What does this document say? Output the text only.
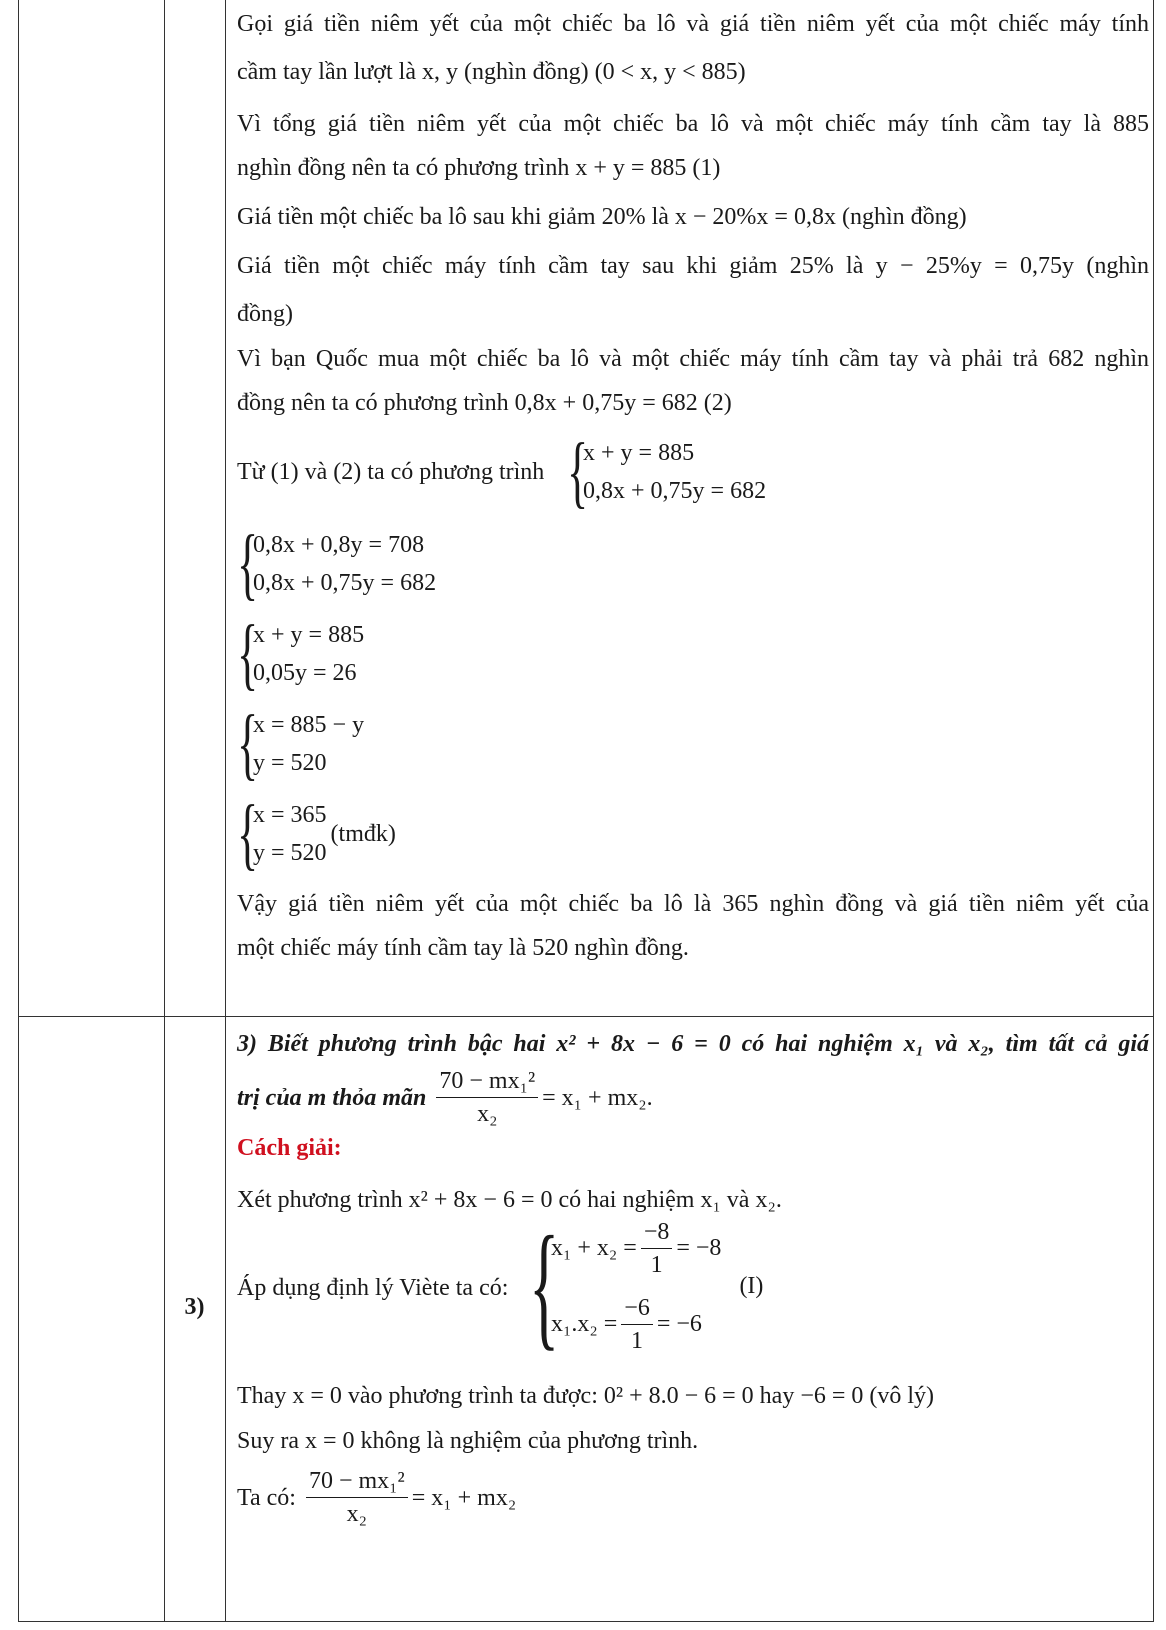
Gọi giá tiền niêm yết của một chiếc ba lô và giá tiền niêm yết của một chiếc máy tính
cầm tay lần lượt là x, y (nghìn đồng) (0 < x, y < 885)
Vì tổng giá tiền niêm yết của một chiếc ba lô và một chiếc máy tính cầm tay là 885
nghìn đồng nên ta có phương trình x + y = 885 (1)
Giá tiền một chiếc ba lô sau khi giảm 20% là x − 20%x = 0,8x (nghìn đồng)
Giá tiền một chiếc máy tính cầm tay sau khi giảm 25% là y − 25%y = 0,75y (nghìn
đồng)
Vì bạn Quốc mua một chiếc ba lô và một chiếc máy tính cầm tay và phải trả 682 nghìn
đồng nên ta có phương trình 0,8x + 0,75y = 682 (2)
Từ (1) và (2) ta có phương trình {
x + y = 885
0,8x + 0,75y = 682
{
0,8x + 0,8y = 708
0,8x + 0,75y = 682
{
x + y = 885
0,05y = 26
{
x = 885 − y
y = 520
{
x = 365
y = 520
(tmđk)
Vậy giá tiền niêm yết của một chiếc ba lô là 365 nghìn đồng và giá tiền niêm yết của
một chiếc máy tính cầm tay là 520 nghìn đồng.
3)
3) Biết phương trình bậc hai x² + 8x − 6 = 0 có hai nghiệm x₁ và x₂, tìm tất cả giá
trị của m thỏa mãn $\frac{\text{70 − mx₁²}}{\text{x₂}} = x_1 + mx_2$.
Cách giải:
Xét phương trình x² + 8x − 6 = 0 có hai nghiệm x₁ và x₂.
Áp dụng định lý Viète ta có: {
$x_1 + x_2 = \frac{-8}{1} = -8$
$x_1.x_2 = \frac{-6}{1} = -6$
(I)
Thay x = 0 vào phương trình ta được: 0² + 8.0 − 6 = 0 hay −6 = 0 (vô lý)
Suy ra x = 0 không là nghiệm của phương trình.
Ta có: $\frac{\text{70 − mx₁²}}{\text{x₂}} = x_1 + mx_2$
